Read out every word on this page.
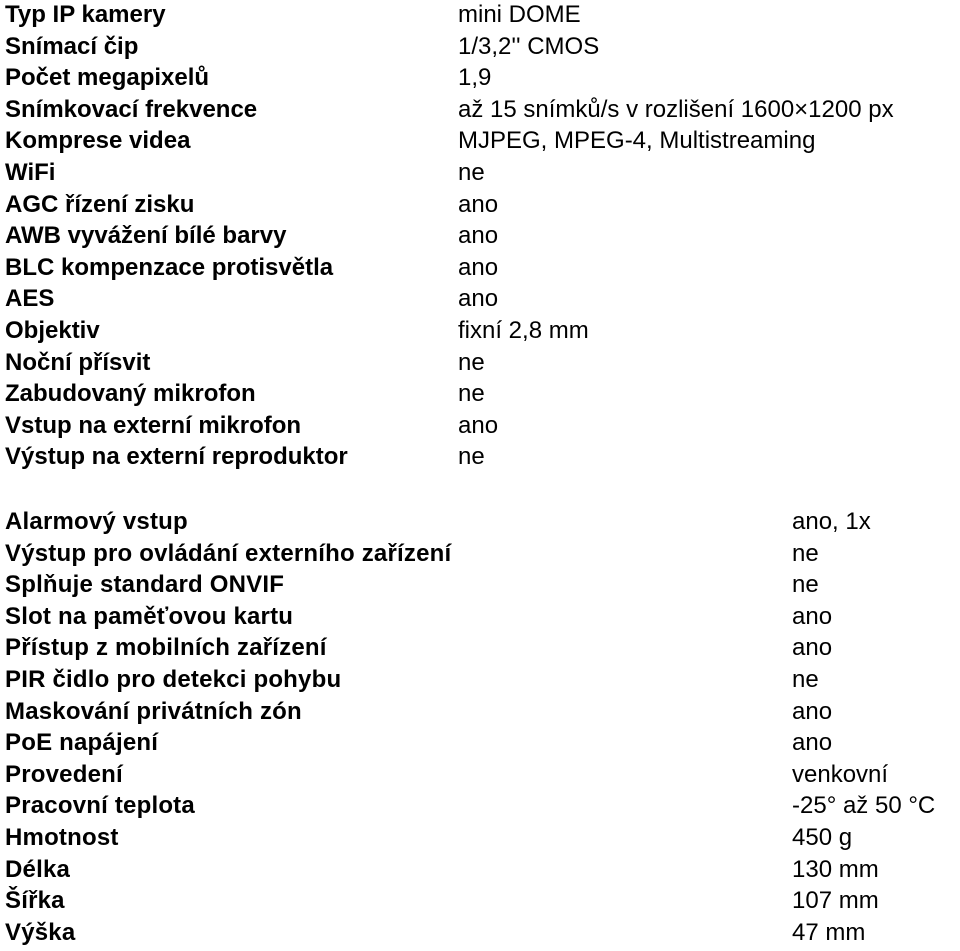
Typ IP kamery	mini DOME
Snímací čip	1/3,2'' CMOS
Počet megapixelů	1,9
Snímkovací frekvence	až 15 snímků/s v rozlišení 1600×1200 px
Komprese videa	MJPEG, MPEG-4, Multistreaming
WiFi	ne
AGC řízení zisku	ano
AWB vyvážení bílé barvy	ano
BLC kompenzace protisvětla	ano
AES	ano
Objektiv	fixní 2,8 mm
Noční přísvit	ne
Zabudovaný mikrofon	ne
Vstup na externí mikrofon	ano
Výstup na externí reproduktor	ne
Alarmový vstup	ano, 1x
Výstup pro ovládání externího zařízení	ne
Splňuje standard ONVIF	ne
Slot na paměťovou kartu	ano
Přístup z mobilních zařízení	ano
PIR čidlo pro detekci pohybu	ne
Maskování privátních zón	ano
PoE napájení	ano
Provedení	venkovní
Pracovní teplota	-25° až 50 °C
Hmotnost	450 g
Délka	130 mm
Šířka	107 mm
Výška	47 mm
